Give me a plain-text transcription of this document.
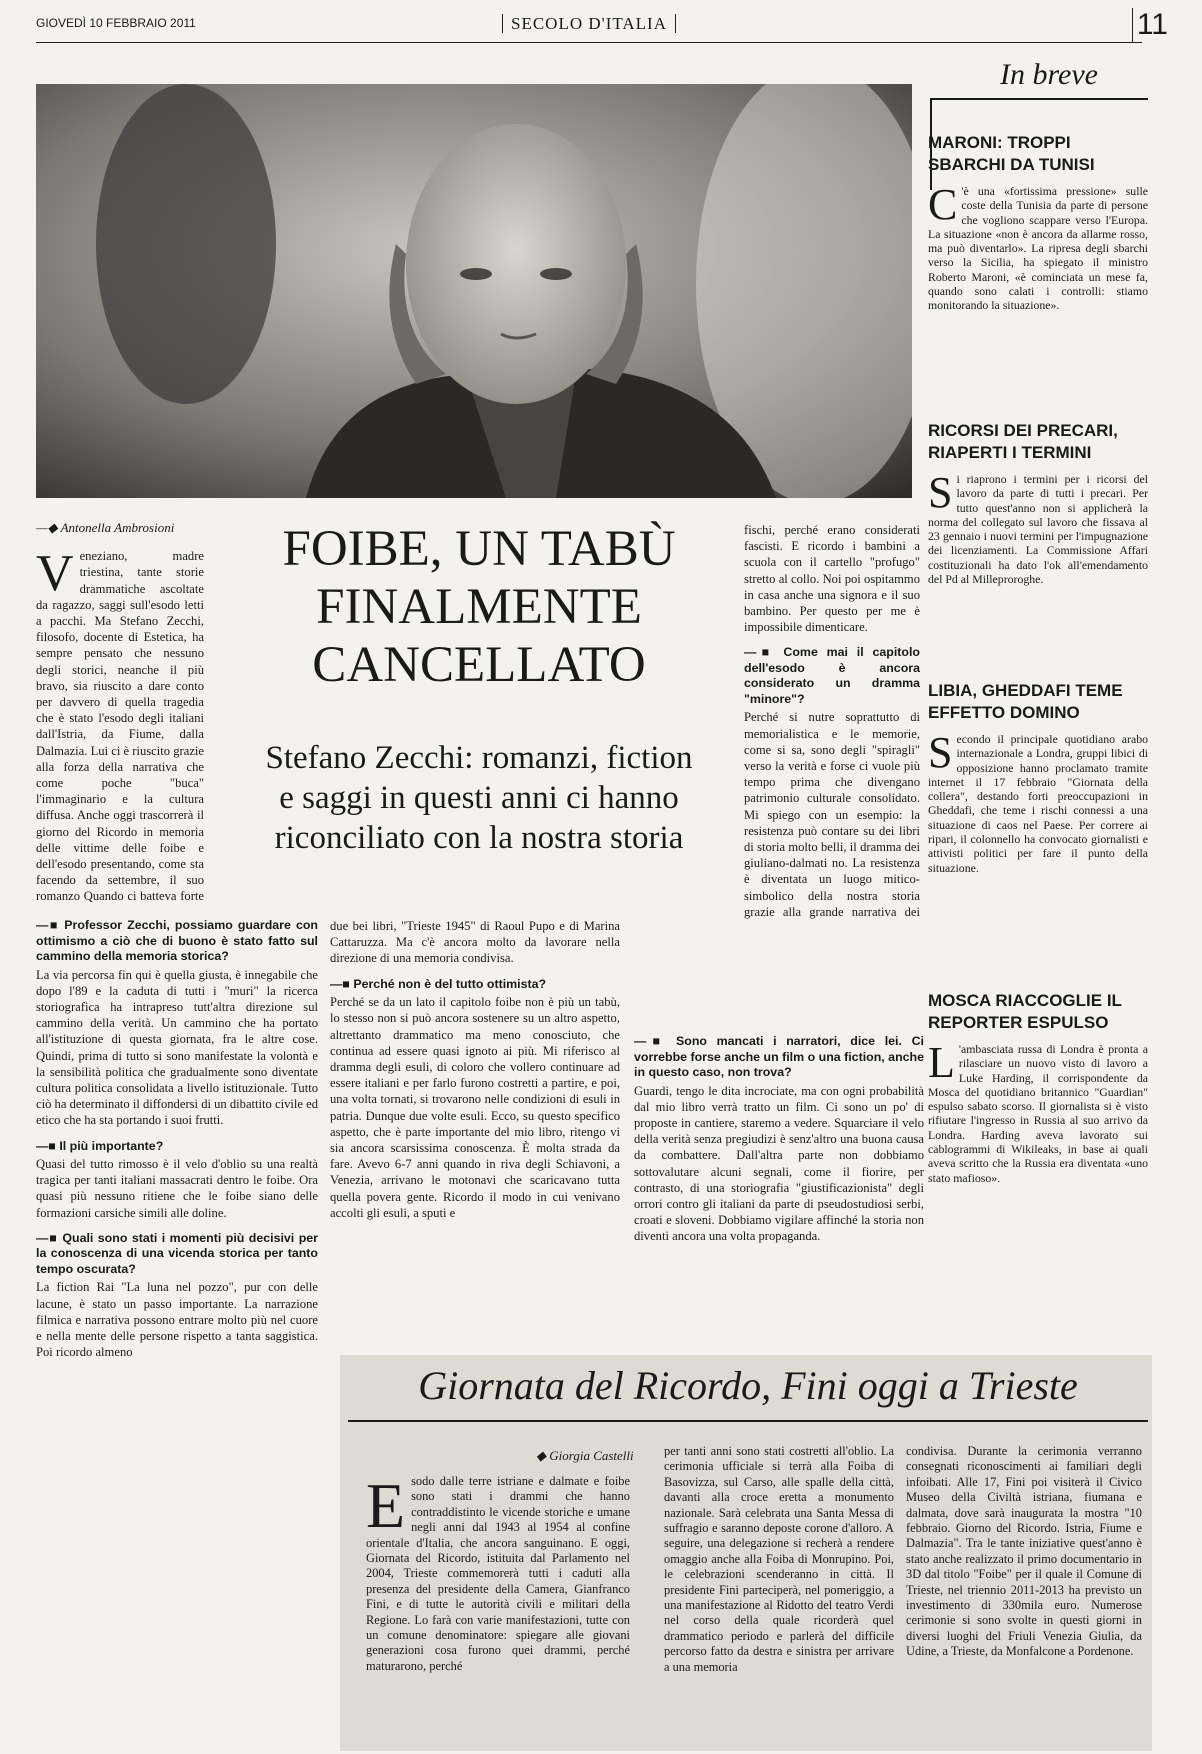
GIOVEDÌ 10 FEBBRAIO 2011	SECOLO D'ITALIA	11
FOIBE, UN TABÙ
FINALMENTE
CANCELLATO
Stefano Zecchi: romanzi, fiction
e saggi in questi anni ci hanno
riconciliato con la nostra storia
—◆ Antonella Ambrosioni
Veneziano, madre triestina, tante storie drammatiche ascoltate da ragazzo, saggi sull'esodo letti a pacchi. Ma Stefano Zecchi, filosofo, docente di Estetica, ha sempre pensato che nessuno degli storici, neanche il più bravo, sia riuscito a dare conto per davvero di quella tragedia che è stato l'esodo degli italiani dall'Istria, da Fiume, dalla Dalmazia. Lui ci è riuscito grazie alla forza della narrativa che come poche "buca" l'immaginario e la cultura diffusa. Anche oggi trascorrerà il giorno del Ricordo in memoria delle vittime delle foibe e dell'esodo presentando, come sta facendo da settembre, il suo romanzo Quando ci batteva forte
—■ Professor Zecchi, possiamo guardare con ottimismo a ciò che di buono è stato fatto sul cammino della memoria storica?
La via percorsa fin qui è quella giusta, è innegabile che dopo l'89 e la caduta di tutti i "muri" la ricerca storiografica ha intrapreso tutt'altra direzione sul cammino della verità. Un cammino che ha portato all'istituzione di questa giornata, fra le altre cose. Quindi, prima di tutto si sono manifestate la volontà e la sensibilità politica che gradualmente sono diventate cultura politica consolidata a livello istituzionale. Tutto ciò ha determinato il diffondersi di un dibattito civile ed etico che ha sta portando i suoi frutti.
—■ Il più importante?
Quasi del tutto rimosso è il velo d'oblio su una realtà tragica per tanti italiani massacrati dentro le foibe. Ora quasi più nessuno ritiene che le foibe siano delle formazioni carsiche simili alle doline.
—■ Quali sono stati i momenti più decisivi per la conoscenza di una vicenda storica per tanto tempo oscurata?
La fiction Rai "La luna nel pozzo", pur con delle lacune, è stato un passo importante. La narrazione filmica e narrativa possono entrare molto più nel cuore e nella mente delle persone rispetto a tanta saggistica. Poi ricordo almeno
due bei libri, "Trieste 1945" di Raoul Pupo e di Marina Cattaruzza. Ma c'è ancora molto da lavorare nella direzione di una memoria condivisa.
—■ Perché non è del tutto ottimista?
Perché se da un lato il capitolo foibe non è più un tabù, lo stesso non si può ancora sostenere su un altro aspetto, altrettanto drammatico ma meno conosciuto, che continua ad essere quasi ignoto ai più. Mi riferisco al dramma degli esuli, di coloro che vollero continuare ad essere italiani e per farlo furono costretti a partire, e poi, una volta tornati, si trovarono nelle condizioni di esuli in patria. Dunque due volte esuli. Ecco, su questo specifico aspetto, che è parte importante del mio libro, ritengo vi sia ancora scarsissima conoscenza. È molta strada da fare. Avevo 6-7 anni quando in riva degli Schiavoni, a Venezia, arrivano le motonavi che scaricavano tutta quella povera gente. Ricordo il modo in cui venivano accolti gli esuli, a sputi e
fischi, perché erano considerati fascisti. E ricordo i bambini a scuola con il cartello "profugo" stretto al collo. Noi poi ospitammo in casa anche una signora e il suo bambino. Per questo per me è impossibile dimenticare.
—■ Come mai il capitolo dell'esodo è ancora considerato un dramma "minore"?
Perché si nutre soprattutto di memorialistica e le memorie, come si sa, sono degli "spiragli" verso la verità e forse ci vuole più tempo prima che divengano patrimonio culturale consolidato. Mi spiego con un esempio: la resistenza può contare su dei libri di storia molto belli, il dramma dei giuliano-dalmati no. La resistenza è diventata un luogo mitico-simbolico della nostra storia grazie alla grande narrativa dei
—■ Sono mancati i narratori, dice lei. Ci vorrebbe forse anche un film o una fiction, anche in questo caso, non trova?
Guardi, tengo le dita incrociate, ma con ogni probabilità dal mio libro verrà tratto un film. Ci sono un po' di proposte in cantiere, staremo a vedere. Squarciare il velo della verità senza pregiudizi è senz'altro una buona causa da combattere. Dall'altra parte non dobbiamo sottovalutare alcuni segnali, come il fiorire, per contrasto, di una storiografia "giustificazionista" degli orrori contro gli italiani da parte di pseudostudiosi serbi, croati e sloveni. Dobbiamo vigilare affinché la storia non diventi ancora una volta propaganda.
In breve
MARONI: TROPPI SBARCHI DA TUNISI
C 'è una «fortissima pressione» sulle coste della Tunisia da parte di persone che vogliono scappare verso l'Europa. La situazione «non è ancora da allarme rosso, ma può diventarlo». La ripresa degli sbarchi verso la Sicilia, ha spiegato il ministro Roberto Maroni, «è cominciata un mese fa, quando sono calati i controlli: stiamo monitorando la situazione».
RICORSI DEI PRECARI, RIAPERTI I TERMINI
Si riaprono i termini per i ricorsi del lavoro da parte di tutti i precari. Per tutto quest'anno non si applicherà la norma del collegato sul lavoro che fissava al 23 gennaio i nuovi termini per l'impugnazione dei licenziamenti. La Commissione Affari costituzionali ha dato l'ok all'emendamento del Pd al Milleproroghe.
LIBIA, GHEDDAFI TEME EFFETTO DOMINO
Secondo il principale quotidiano arabo internazionale a Londra, gruppi libici di opposizione hanno proclamato tramite internet il 17 febbraio "Giornata della collera", destando forti preoccupazioni in Gheddafi, che teme i rischi connessi a una situazione di caos nel Paese. Per correre ai ripari, il colonnello ha convocato giornalisti e attivisti politici per fare il punto della situazione.
MOSCA RIACCOGLIE IL REPORTER ESPULSO
L 'ambasciata russa di Londra è pronta a rilasciare un nuovo visto di lavoro a Luke Harding, il corrispondente da Mosca del quotidiano britannico "Guardian" espulso sabato scorso. Il giornalista si è visto rifiutare l'ingresso in Russia al suo arrivo da Londra. Harding aveva lavorato sui cablogrammi di Wikileaks, in base ai quali aveva scritto che la Russia era diventata «uno stato mafioso».
Giornata del Ricordo, Fini oggi a Trieste
◆ Giorgia Castelli
Esodo dalle terre istriane e dalmate e foibe sono stati i drammi che hanno contraddistinto le vicende storiche e umane negli anni dal 1943 al 1954 al confine orientale d'Italia, che ancora sanguinano. E oggi, Giornata del Ricordo, istituita dal Parlamento nel 2004, Trieste commemorerà tutti i caduti alla presenza del presidente della Camera, Gianfranco Fini, e di tutte le autorità civili e militari della Regione. Lo farà con varie manifestazioni, tutte con un comune denominatore: spiegare alle giovani generazioni cosa furono quei drammi, perché maturarono, perché
per tanti anni sono stati costretti all'oblio. La cerimonia ufficiale si terrà alla Foiba di Basovizza, sul Carso, alle spalle della città, davanti alla croce eretta a monumento nazionale. Sarà celebrata una Santa Messa di suffragio e saranno deposte corone d'alloro. A seguire, una delegazione si recherà a rendere omaggio anche alla Foiba di Monrupino. Poi, le celebrazioni scenderanno in città. Il presidente Fini parteciperà, nel pomeriggio, a una manifestazione al Ridotto del teatro Verdi nel corso della quale ricorderà quel drammatico periodo e parlerà del difficile percorso fatto da destra e sinistra per arrivare a una memoria
condivisa. Durante la cerimonia verranno consegnati riconoscimenti ai familiari degli infoibati. Alle 17, Fini poi visiterà il Civico Museo della Civiltà istriana, fiumana e dalmata, dove sarà inaugurata la mostra "10 febbraio. Giorno del Ricordo. Istria, Fiume e Dalmazia". Tra le tante iniziative quest'anno è stato anche realizzato il primo documentario in 3D dal titolo "Foibe" per il quale il Comune di Trieste, nel triennio 2011-2013 ha previsto un investimento di 330mila euro. Numerose cerimonie si sono svolte in questi giorni in diversi luoghi del Friuli Venezia Giulia, da Udine, a Trieste, da Monfalcone a Pordenone.
